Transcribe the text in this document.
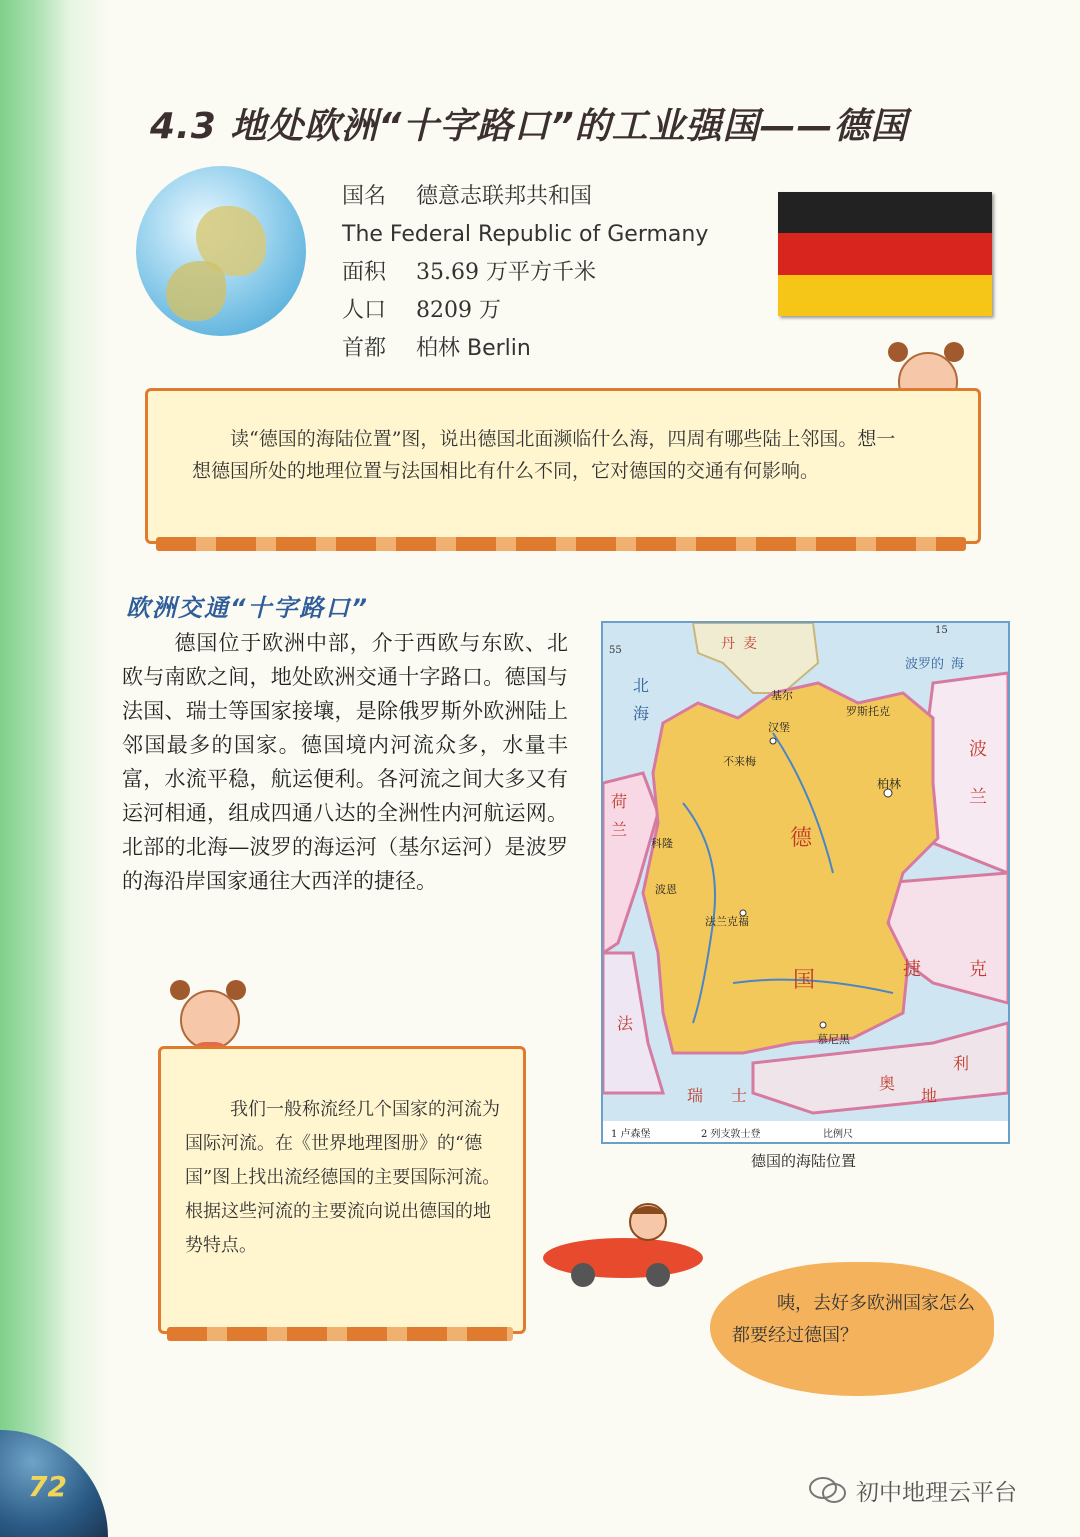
4.3 地处欧洲“十字路口”的工业强国——德国
国名 德意志联邦共和国
The Federal Republic of Germany
面积 35.69 万平方千米
人口 8209 万
首都 柏林 Berlin
读“德国的海陆位置”图，说出德国北面濒临什么海，四周有哪些陆上邻国。想一想德国所处的地理位置与法国相比有什么不同，它对德国的交通有何影响。
欧洲交通“十字路口”
德国位于欧洲中部，介于西欧与东欧、北欧与南欧之间，地处欧洲交通十字路口。德国与法国、瑞士等国家接壤，是除俄罗斯外欧洲陆上邻国最多的国家。德国境内河流众多，水量丰富，水流平稳，航运便利。各河流之间大多又有运河相通，组成四通八达的全洲性内河航运网。北部的北海—波罗的海运河（基尔运河）是波罗的海沿岸国家通往大西洋的捷径。
德
国
柏林
汉堡
基尔
罗斯托克
法兰克福
慕尼黑
科隆
波恩
不来梅
波
兰
捷	克
荷
兰
法
瑞 士
奥
地
利
丹 麦
北
海
波罗的 海
55
15
1 卢森堡	2 列支敦士登	比例尺
德国的海陆位置
我们一般称流经几个国家的河流为国际河流。在《世界地理图册》的“德国”图上找出流经德国的主要国际河流。根据这些河流的主要流向说出德国的地势特点。
咦，去好多欧洲国家怎么都要经过德国？
72	初中地理云平台
